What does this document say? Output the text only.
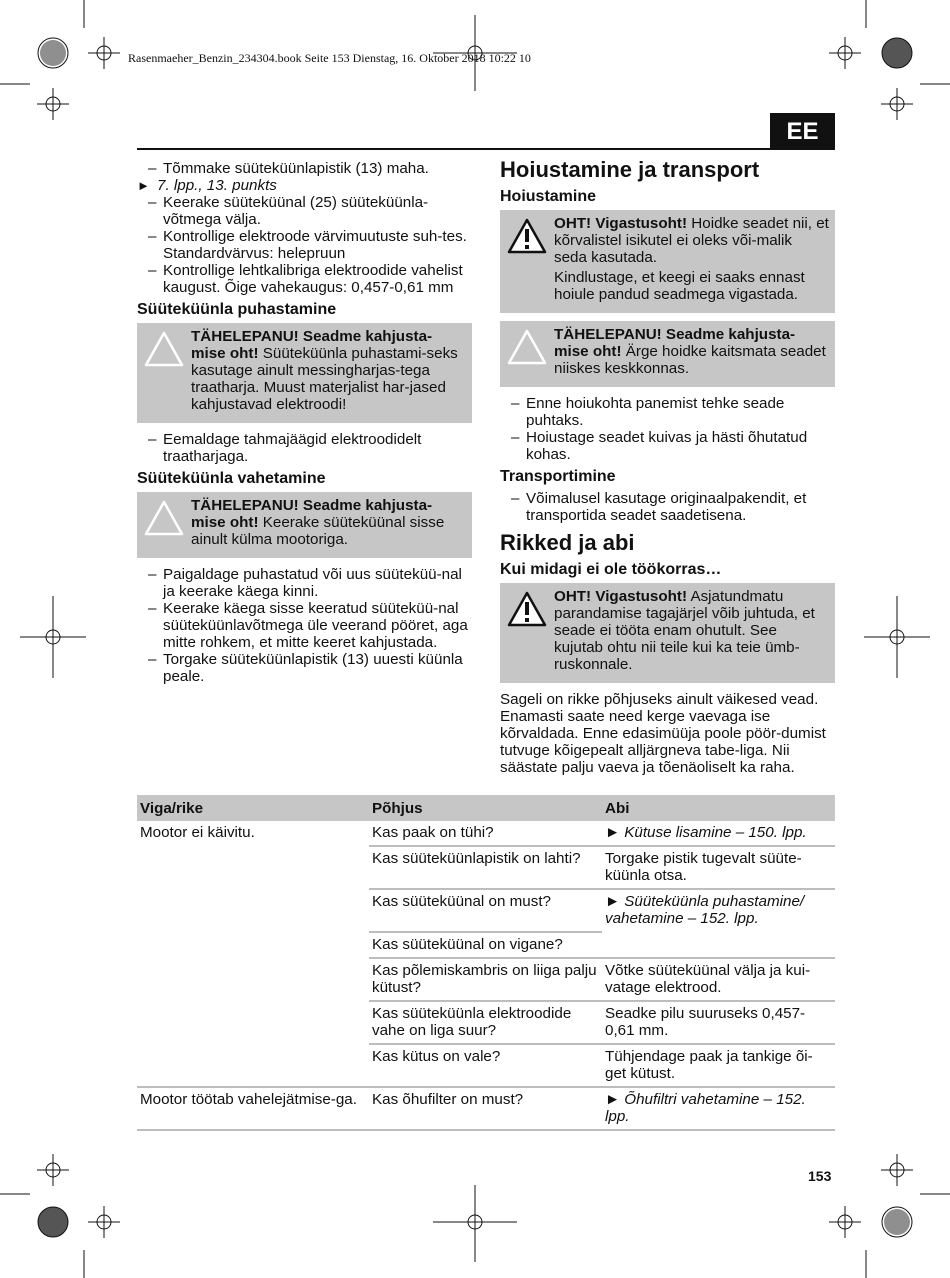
Rasenmaeher_Benzin_234304.book Seite 153 Dienstag, 16. Oktober 2018 10:22 10
EE

– Tõmmake süüteküünlapistik (13) maha.

► 7. lpp., 13. punkts

– Keerake süüteküünal (25) süüteküünla-võtmega välja.

– Kontrollige elektroode värvimuutuste suh-tes. Standardvärvus: helepruun

– Kontrollige lehtkalibriga elektroodide vahelist kaugust. Õige vahekaugus: 0,457-0,61 mm

Süüteküünla puhastamine

TÄHELEPANU! Seadme kahjusta-mise oht! Süüteküünla puhastami-seks kasutage ainult messingharjas-tega traatharja. Muust materjalist har-jased kahjustavad elektroodi!

– Eemaldage tahmajäägid elektroodidelt traatharjaga.

Süüteküünla vahetamine

TÄHELEPANU! Seadme kahjusta-mise oht! Keerake süüteküünal sisse ainult külma mootoriga.

– Paigaldage puhastatud või uus süüteküü-nal ja keerake käega kinni.

– Keerake käega sisse keeratud süüteküü-nal süüteküünlavõtmega üle veerand pööret, aga mitte rohkem, et mitte keeret kahjustada.

– Torgake süüteküünlapistik (13) uuesti küünla peale.

Hoiustamine ja transport
Hoiustamine

OHT! Vigastusoht! Hoidke seadet nii, et kõrvalistel isikutel ei oleks või-malik seda kasutada.

Kindlustage, et keegi ei saaks ennast hoiule pandud seadmega vigastada.

TÄHELEPANU! Seadme kahjusta-mise oht! Ärge hoidke kaitsmata seadet niiskes keskkonnas.

– Enne hoiukohta panemist tehke seade puhtaks.

– Hoiustage seadet kuivas ja hästi õhutatud kohas.

Transportimine

– Võimalusel kasutage originaalpakendit, et transportida seadet saadetisena.

Rikked ja abi
Kui midagi ei ole töökorras…

OHT! Vigastusoht! Asjatundmatu parandamise tagajärjel võib juhtuda, et seade ei tööta enam ohutult. See kujutab ohtu nii teile kui ka teie ümb-ruskonnale.

Sageli on rikke põhjuseks ainult väikesed vead. Enamasti saate need kerge vaevaga ise kõrvaldada. Enne edasimüüja poole pöör-dumist tutvuge kõigepealt alljärgneva tabe-liga. Nii säästate palju vaeva ja tõenäoliselt ka raha.

Viga/rike	Põhjus	Abi
Mootor ei käivitu.	Kas paak on tühi?	► Kütuse lisamine – 150. lpp.
	Kas süüteküünlapistik on lahti?	Torgake pistik tugevalt süüte-küünla otsa.
	Kas süüteküünal on must?	► Süüteküünla puhastamine/ vahetamine – 152. lpp.
	Kas süüteküünal on vigane?	
	Kas põlemiskambris on liiga palju kütust?	Võtke süüteküünal välja ja kui-vatage elektrood.
	Kas süüteküünla elektroodide vahe on liga suur?	Seadke pilu suuruseks 0,457-0,61 mm.
	Kas kütus on vale?	Tühjendage paak ja tankige õi-get kütust.
Mootor töötab vahelejätmise-ga.	Kas õhufilter on must?	► Õhufiltri vahetamine – 152. lpp.
153
